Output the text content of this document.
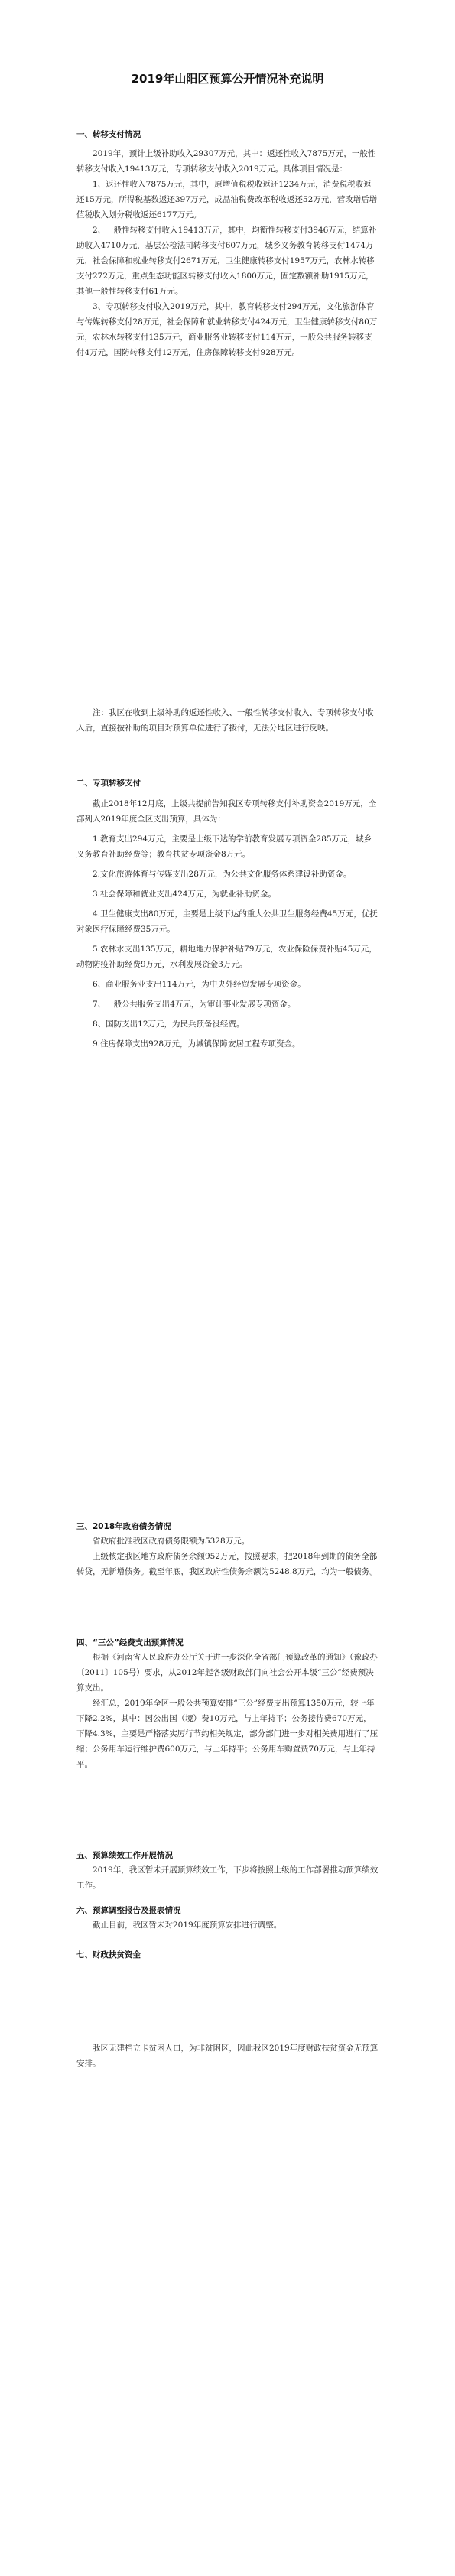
2019年山阳区预算公开情况补充说明
一、转移支付情况

2019年，预计上级补助收入29307万元，其中：返还性收入7875万元，一般性转移支付收入19413万元，专项转移支付收入2019万元。具体项目情况是：

1、返还性收入7875万元，其中，原增值税税收返还1234万元，消费税税收返还15万元，所得税基数返还397万元，成品油税费改革税收返还52万元，营改增后增值税收入划分税收返还6177万元。

2、一般性转移支付收入19413万元，其中，均衡性转移支付3946万元，结算补助收入4710万元，基层公检法司转移支付607万元，城乡义务教育转移支付1474万元，社会保障和就业转移支付2671万元，卫生健康转移支付1957万元，农林水转移支付272万元，重点生态功能区转移支付收入1800万元，固定数额补助1915万元，其他一般性转移支付61万元。

3、专项转移支付收入2019万元，其中，教育转移支付294万元，文化旅游体育与传媒转移支付28万元，社会保障和就业转移支付424万元，卫生健康转移支付80万元，农林水转移支付135万元，商业服务业转移支付114万元，一般公共服务转移支付4万元，国防转移支付12万元，住房保障转移支付928万元。

注：我区在收到上级补助的返还性收入、一般性转移支付收入、专项转移支付收入后，直接按补助的项目对预算单位进行了拨付，无法分地区进行反映。

二、专项转移支付

截止2018年12月底，上级共提前告知我区专项转移支付补助资金2019万元，全部列入2019年度全区支出预算，具体为：

1.教育支出294万元，主要是上级下达的学前教育发展专项资金285万元，城乡义务教育补助经费等；教育扶贫专项资金8万元。

2.文化旅游体育与传媒支出28万元，为公共文化服务体系建设补助资金。

3.社会保障和就业支出424万元，为就业补助资金。

4.卫生健康支出80万元，主要是上级下达的重大公共卫生服务经费45万元，优抚对象医疗保障经费35万元。

5.农林水支出135万元，耕地地力保护补贴79万元，农业保险保费补贴45万元，动物防疫补助经费9万元，水利发展资金3万元。

6、商业服务业支出114万元，为中央外经贸发展专项资金。

7、一般公共服务支出4万元，为审计事业发展专项资金。

8、国防支出12万元，为民兵预备役经费。

9.住房保障支出928万元，为城镇保障安居工程专项资金。

三、2018年政府债务情况

省政府批准我区政府债务限额为5328万元。

上级核定我区地方政府债务余额952万元，按照要求，把2018年到期的债务全部转贷，无新增债务。截至年底，我区政府性债务余额为5248.8万元，均为一般债务。

四、“三公”经费支出预算情况

根据《河南省人民政府办公厅关于进一步深化全省部门预算改革的通知》（豫政办〔2011〕105号）要求，从2012年起各级财政部门向社会公开本级“三公”经费预决算支出。

经汇总，2019年全区一般公共预算安排“三公”经费支出预算1350万元，较上年下降2.2%，其中：因公出国（境）费10万元，与上年持平；公务接待费670万元，下降4.3%，主要是严格落实厉行节约相关规定，部分部门进一步对相关费用进行了压缩；公务用车运行维护费600万元，与上年持平；公务用车购置费70万元，与上年持平。

五、预算绩效工作开展情况

2019年，我区暂未开展预算绩效工作，下步将按照上级的工作部署推动预算绩效工作。

六、预算调整报告及报表情况

截止目前，我区暂未对2019年度预算安排进行调整。

七、财政扶贫资金

我区无建档立卡贫困人口，为非贫困区，因此我区2019年度财政扶贫资金无预算安排。
